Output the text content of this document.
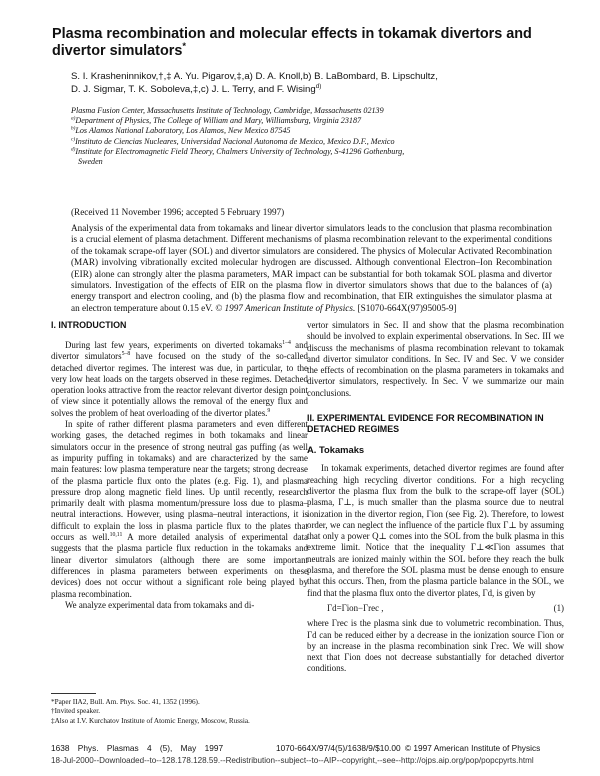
Plasma recombination and molecular effects in tokamak divertors and divertor simulators*
S. I. Krasheninnikov,†,‡ A. Yu. Pigarov,‡,a) D. A. Knoll,b) B. LaBombard, B. Lipschultz,
D. J. Sigmar, T. K. Soboleva,‡,c) J. L. Terry, and F. Wising$^{d)}$
Plasma Fusion Center, Massachusetts Institute of Technology, Cambridge, Massachusetts 02139
$^{a)}$Department of Physics, The College of William and Mary, Williamsburg, Virginia 23187
$^{b)}$Los Alamos National Laboratory, Los Alamos, New Mexico 87545
$^{c)}$Instituto de Ciencias Nucleares, Universidad Nacional Autonoma de Mexico, Mexico D.F., Mexico
$^{d)}$Institute for Electromagnetic Field Theory, Chalmers University of Technology, S-41296 Gothenburg,
Sweden
(Received 11 November 1996; accepted 5 February 1997)

Analysis of the experimental data from tokamaks and linear divertor simulators leads to the conclusion that plasma recombination is a crucial element of plasma detachment. Different mechanisms of plasma recombination relevant to the experimental conditions of the tokamak scrape-off layer (SOL) and divertor simulators are considered. The physics of Molecular Activated Recombination (MAR) involving vibrationally excited molecular hydrogen are discussed. Although conventional Electron–Ion Recombination (EIR) alone can strongly alter the plasma parameters, MAR impact can be substantial for both tokamak SOL plasma and divertor simulators. Investigation of the effects of EIR on the plasma flow in divertor simulators shows that due to the balances of (a) energy transport and electron cooling, and (b) the plasma flow and recombination, that EIR extinguishes the simulator plasma at an electron temperature about 0.15 eV. © 1997 American Institute of Physics. [S1070-664X(97)95005-9]

I. INTRODUCTION

During last few years, experiments on diverted tokamaks$^{1-4}$ and divertor simulators$^{5-8}$ have focused on the study of the so-called detached divertor regimes. The interest was due, in particular, to the very low heat loads on the targets observed in these regimes. Detached operation looks attractive from the reactor relevant divertor design point of view since it potentially allows the removal of the energy flux and solves the problem of heat overloading of the divertor plates.$^9$

In spite of rather different plasma parameters and even different working gases, the detached regimes in both tokamaks and linear simulators occur in the presence of strong neutral gas puffing (as well as impurity puffing in tokamaks) and are characterized by the same main features: low plasma temperature near the targets; strong decrease of the plasma particle flux onto the plates (e.g. Fig. 1), and plasma pressure drop along magnetic field lines. Up until recently, research primarily dealt with plasma momentum/pressure loss due to plasma–neutral interactions. However, using plasma–neutral interactions, it is difficult to explain the loss in plasma particle flux to the plates that occurs as well.$^{10,11}$ A more detailed analysis of experimental data suggests that the plasma particle flux reduction in the tokamaks and linear divertor simulators (although there are some important differences in plasma parameters between experiments on these devices) does not occur without a significant role being played by plasma recombination.

We analyze experimental data from tokamaks and di-

*Paper IIA2, Bull. Am. Phys. Soc. 41, 1352 (1996).
†Invited speaker.
‡Also at I.V. Kurchatov Institute of Atomic Energy, Moscow, Russia.

vertor simulators in Sec. II and show that the plasma recombination should be involved to explain experimental observations. In Sec. III we discuss the mechanisms of plasma recombination relevant to tokamak and divertor simulator conditions. In Sec. IV and Sec. V we consider the effects of recombination on the plasma parameters in tokamaks and divertor simulators, respectively. In Sec. V we summarize our main conclusions.

II. EXPERIMENTAL EVIDENCE FOR RECOMBINATION IN DETACHED REGIMES
A. Tokamaks

In tokamak experiments, detached divertor regimes are found after reaching high recycling divertor conditions. For a high recycling divertor the plasma flux from the bulk to the scrape-off layer (SOL) plasma, Γ⊥, is much smaller than the plasma source due to neutral ionization in the divertor region, Γion (see Fig. 2). Therefore, to lowest order, we can neglect the influence of the particle flux Γ⊥ by assuming that only a power Q⊥ comes into the SOL from the bulk plasma in this extreme limit. Notice that the inequality Γ⊥≪Γion assumes that neutrals are ionized mainly within the SOL before they reach the bulk plasma, and therefore the SOL plasma must be dense enough to ensure that this occurs. Then, from the plasma particle balance in the SOL, we find that the plasma flux onto the divertor plates, Γd, is given by

Γd=Γion−Γrec ,	(1)

where Γrec is the plasma sink due to volumetric recombination. Thus, Γd can be reduced either by a decrease in the ionization source Γion or by an increase in the plasma recombination sink Γrec. We will show next that Γion does not decrease substantially for detached divertor conditions.

1638 Phys. Plasmas 4 (5), May 1997	1070-664X/97/4(5)/1638/9/$10.00 © 1997 American Institute of Physics
18-Jul-2000--Downloaded--to--128.178.128.59.--Redistribution--subject--to--AIP--copyright,--see--http://ojps.aip.org/pop/popcpyrts.html
